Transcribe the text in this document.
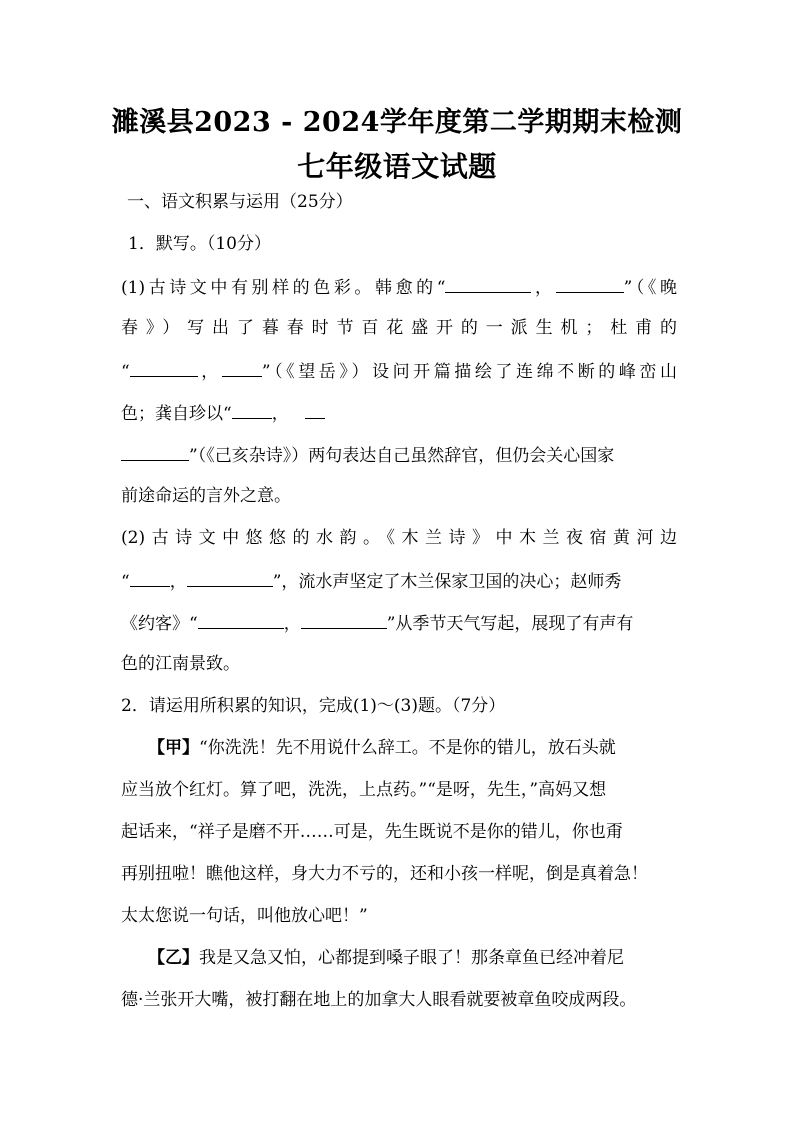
濉溪县2023 - 2024学年度第二学期期末检测
七年级语文试题
一、语文积累与运用（25分）
1．默写。（10分）
(1)古诗文中有别样的色彩。韩愈的“	，	”（《晚
春》）写出了暮春时节百花盛开的一派生机；杜甫的
“	， ”（《望岳》）设问开篇描绘了连绵不断的峰峦山
色；龚自珍以“ ，
”（《己亥杂诗》）两句表达自己虽然辞官，但仍会关心国家
前途命运的言外之意。
(2)古诗文中悠悠的水韵。《木兰诗》中木兰夜宿黄河边
“ ，	”，流水声坚定了木兰保家卫国的决心；赵师秀
《约客》“	，	”从季节天气写起，展现了有声有
色的江南景致。
2．请运用所积累的知识，完成(1)～(3)题。（7分）
【甲】“你洗洗！先不用说什么辞工。不是你的错儿，放石头就
应当放个红灯。算了吧，洗洗，上点药。”“是呀，先生，”高妈又想
起话来，“祥子是磨不开……可是，先生既说不是你的错儿，你也甭
再别扭啦！瞧他这样，身大力不亏的，还和小孩一样呢，倒是真着急！
太太您说一句话，叫他放心吧！”
【乙】我是又急又怕，心都提到嗓子眼了！那条章鱼已经冲着尼
德·兰张开大嘴，被打翻在地上的加拿大人眼看就要被章鱼咬成两段。
